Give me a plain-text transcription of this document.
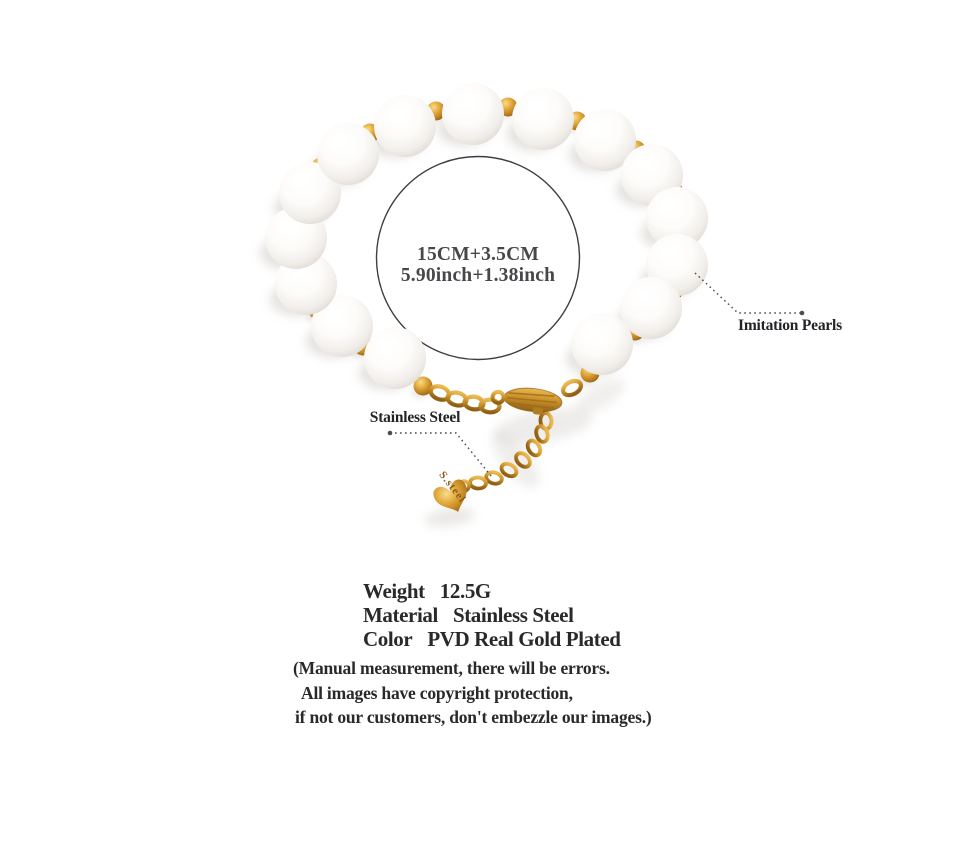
S.steel
15CM+3.5CM
5.90inch+1.38inch
Imitation Pearls
Stainless Steel
Weight 12.5G
Material Stainless Steel
Color PVD Real Gold Plated
(Manual measurement, there will be errors.
All images have copyright protection,
if not our customers, don't embezzle our images.)
